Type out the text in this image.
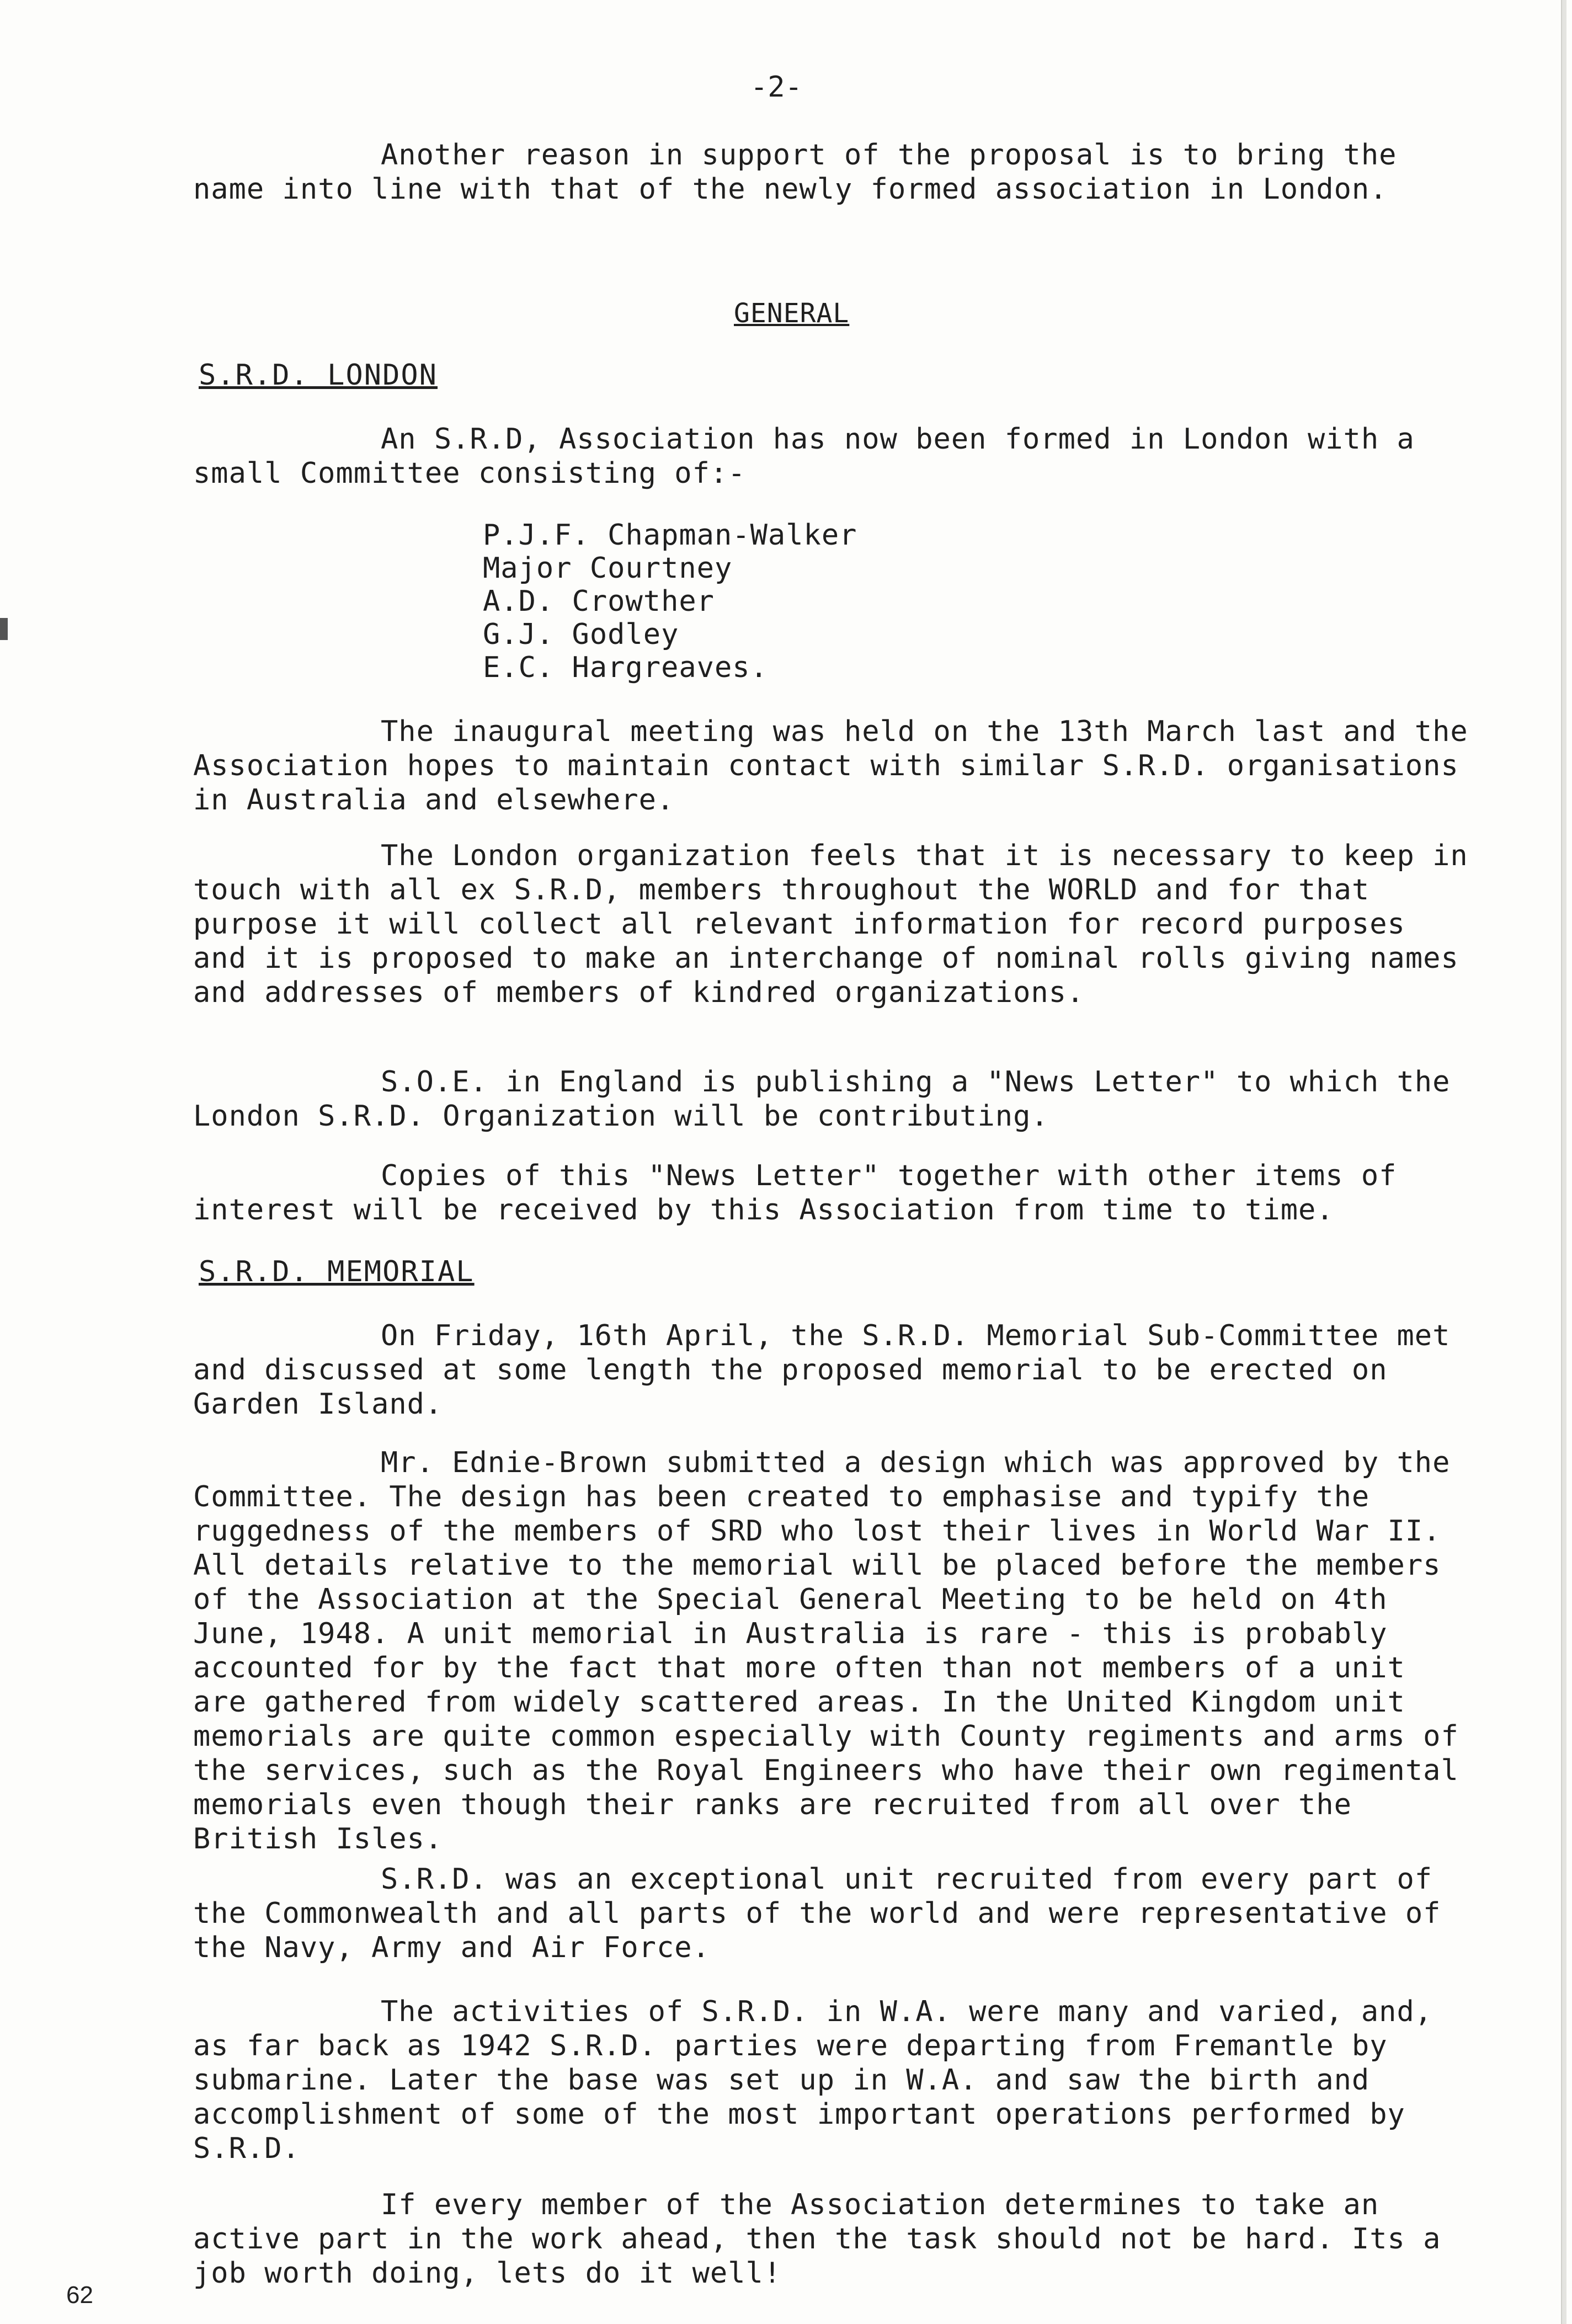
-2-

Another reason in support of the proposal is to bring the name into line with that of the newly formed association in London.

GENERAL
S.R.D. LONDON

An S.R.D, Association has now been formed in London with a small Committee consisting of:-

P.J.F. Chapman-Walker
Major Courtney
A.D. Crowther
G.J. Godley
E.C. Hargreaves.

The inaugural meeting was held on the 13th March last and the Association hopes to maintain contact with similar S.R.D. organisations in Australia and elsewhere.

The London organization feels that it is necessary to keep in touch with all ex S.R.D, members throughout the WORLD and for that purpose it will collect all relevant information for record purposes and it is proposed to make an interchange of nominal rolls giving names and addresses of members of kindred organizations.

S.O.E. in England is publishing a "News Letter" to which the London S.R.D. Organization will be contributing.

Copies of this "News Letter" together with other items of interest will be received by this Association from time to time.

S.R.D. MEMORIAL

On Friday, 16th April, the S.R.D. Memorial Sub-Committee met and discussed at some length the proposed memorial to be erected on Garden Island.

Mr. Ednie-Brown submitted a design which was approved by the Committee. The design has been created to emphasise and typify the ruggedness of the members of SRD who lost their lives in World War II. All details relative to the memorial will be placed before the members of the Association at the Special General Meeting to be held on 4th June, 1948. A unit memorial in Australia is rare - this is probably accounted for by the fact that more often than not members of a unit are gathered from widely scattered areas. In the United Kingdom unit memorials are quite common especially with County regiments and arms of the services, such as the Royal Engineers who have their own regimental memorials even though their ranks are recruited from all over the British Isles.

S.R.D. was an exceptional unit recruited from every part of the Commonwealth and all parts of the world and were representative of the Navy, Army and Air Force.

The activities of S.R.D. in W.A. were many and varied, and, as far back as 1942 S.R.D. parties were departing from Fremantle by submarine. Later the base was set up in W.A. and saw the birth and accomplishment of some of the most important operations performed by S.R.D.

If every member of the Association determines to take an active part in the work ahead, then the task should not be hard. Its a job worth doing, lets do it well!

62
